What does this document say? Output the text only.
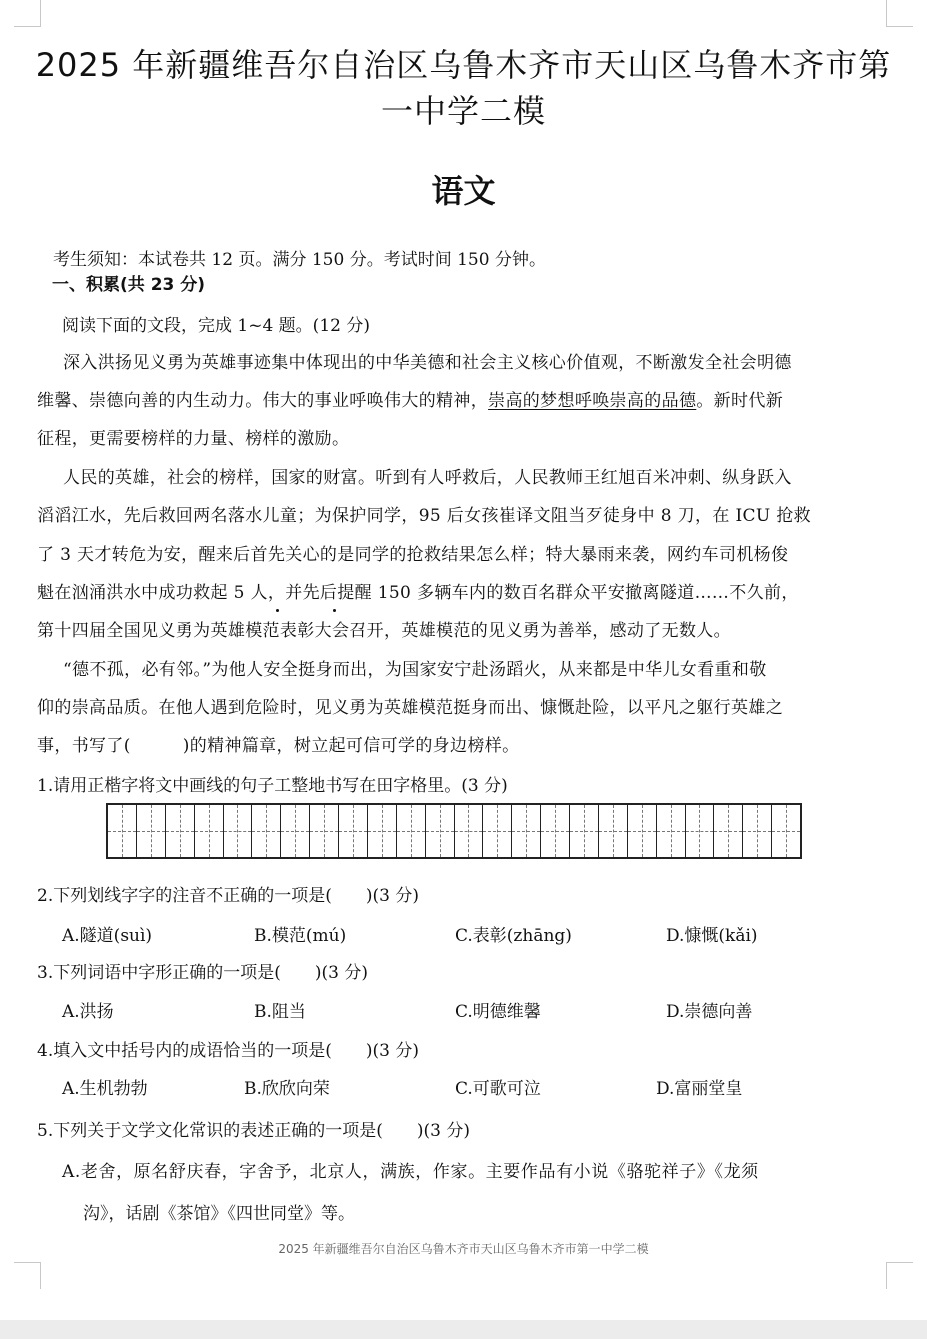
2025 年新疆维吾尔自治区乌鲁木齐市天山区乌鲁木齐市第
一中学二模
语文
考生须知：本试卷共 12 页。满分 150 分。考试时间 150 分钟。
一、积累(共 23 分)
阅读下面的文段，完成 1~4 题。(12 分)
深入洪扬见义勇为英雄事迹集中体现出的中华美德和社会主义核心价值观，不断激发全社会明德
维馨、崇德向善的内生动力。伟大的事业呼唤伟大的精神，崇高的梦想呼唤崇高的品德。新时代新
征程，更需要榜样的力量、榜样的激励。
人民的英雄，社会的榜样，国家的财富。听到有人呼救后，人民教师王红旭百米冲刺、纵身跃入
滔滔江水，先后救回两名落水儿童；为保护同学，95 后女孩崔译文阻当歹徒身中 8 刀，在 ICU 抢救
了 3 天才转危为安，醒来后首先关心的是同学的抢救结果怎么样；特大暴雨来袭，网约车司机杨俊
魁在汹涌洪水中成功救起 5 人，并先后提醒 150 多辆车内的数百名群众平安撤离隧道……不久前，
第十四届全国见义勇为英雄模范表彰大会召开，英雄模范的见义勇为善举，感动了无数人。
“德不孤，必有邻。”为他人安全挺身而出，为国家安宁赴汤蹈火，从来都是中华儿女看重和敬
仰的崇高品质。在他人遇到危险时，见义勇为英雄模范挺身而出、慷慨赴险，以平凡之躯行英雄之
事，书写了(　　　)的精神篇章，树立起可信可学的身边榜样。
1.请用正楷字将文中画线的句子工整地书写在田字格里。(3 分)
2.下列划线字字的注音不正确的一项是(　　)(3 分)
A.隧道(suì)	B.模范(mú)	C.表彰(zhāng)	D.慷慨(kǎi)
3.下列词语中字形正确的一项是(　　)(3 分)
A.洪扬	B.阻当	C.明德维馨	D.崇德向善
4.填入文中括号内的成语恰当的一项是(　　)(3 分)
A.生机勃勃	B.欣欣向荣	C.可歌可泣	D.富丽堂皇
5.下列关于文学文化常识的表述正确的一项是(　　)(3 分)
A.老舍，原名舒庆春，字舍予，北京人，满族，作家。主要作品有小说《骆驼祥子》《龙须
沟》，话剧《茶馆》《四世同堂》等。
2025 年新疆维吾尔自治区乌鲁木齐市天山区乌鲁木齐市第一中学二模
